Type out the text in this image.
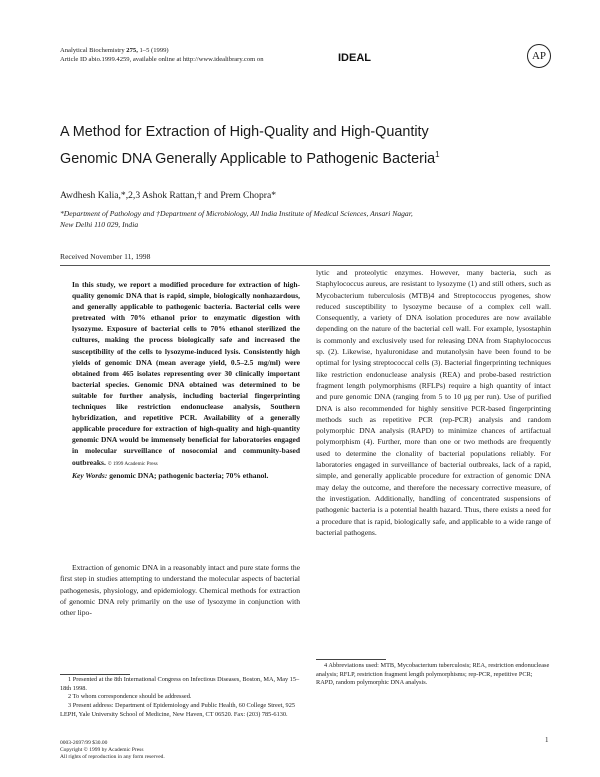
Analytical Biochemistry 275, 1–5 (1999)
Article ID abio.1999.4259, available online at http://www.idealibrary.com on	IDEAL	AP
A Method for Extraction of High-Quality and High-Quantity Genomic DNA Generally Applicable to Pathogenic Bacteria$^1$
Awdhesh Kalia,*,2,3 Ashok Rattan,† and Prem Chopra*
*Department of Pathology and †Department of Microbiology, All India Institute of Medical Sciences, Ansari Nagar,
New Delhi 110 029, India
Received November 11, 1998
In this study, we report a modified procedure for extraction of high-quality genomic DNA that is rapid, simple, biologically nonhazardous, and generally applicable to pathogenic bacteria. Bacterial cells were pretreated with 70% ethanol prior to enzymatic digestion with lysozyme. Exposure of bacterial cells to 70% ethanol sterilized the cultures, making the process biologically safe and increased the susceptibility of the cells to lysozyme-induced lysis. Consistently high yields of genomic DNA (mean average yield, 0.5–2.5 mg/ml) were obtained from 465 isolates representing over 30 clinically important bacterial species. Genomic DNA obtained was determined to be suitable for further analysis, including bacterial fingerprinting techniques like restriction endonuclease analysis, Southern hybridization, and repetitive PCR. Availability of a generally applicable procedure for extraction of high-quality and high-quantity genomic DNA would be immensely beneficial for laboratories engaged in molecular surveillance of nosocomial and community-based outbreaks. © 1999 Academic Press
Key Words: genomic DNA; pathogenic bacteria; 70% ethanol.
Extraction of genomic DNA in a reasonably intact and pure state forms the first step in studies attempting to understand the molecular aspects of bacterial pathogenesis, physiology, and epidemiology. Chemical methods for extraction of genomic DNA rely primarily on the use of lysozyme in conjunction with other lipo-
lytic and proteolytic enzymes. However, many bacteria, such as Staphylococcus aureus, are resistant to lysozyme (1) and still others, such as Mycobacterium tuberculosis (MTB)4 and Streptococcus pyogenes, show reduced susceptibility to lysozyme because of a complex cell wall. Consequently, a variety of DNA isolation procedures are now available depending on the nature of the bacterial cell wall. For example, lysostaphin is commonly and exclusively used for releasing DNA from Staphylococcus sp. (2). Likewise, hyaluronidase and mutanolysin have been found to be optimal for lysing streptococcal cells (3). Bacterial fingerprinting techniques like restriction endonuclease analysis (REA) and probe-based restriction fragment length polymorphisms (RFLPs) require a high quantity of intact and pure genomic DNA (ranging from 5 to 10 μg per run). Use of purified DNA is also recommended for highly sensitive PCR-based fingerprinting methods such as repetitive PCR (rep-PCR) analysis and random polymorphic DNA analysis (RAPD) to minimize chances of artifactual polymorphism (4). Further, more than one or two methods are frequently used to determine the clonality of bacterial populations reliably. For laboratories engaged in surveillance of bacterial outbreaks, lack of a rapid, simple, and generally applicable procedure for extraction of genomic DNA may delay the outcome, and therefore the necessary corrective measure, of the investigation. Additionally, handling of concentrated suspensions of pathogenic bacteria is a potential health hazard. Thus, there exists a need for a procedure that is rapid, biologically safe, and applicable to a wide range of bacterial pathogens.
1 Presented at the 8th International Congress on Infectious Diseases, Boston, MA, May 15–18th 1998.
2 To whom correspondence should be addressed.
3 Present address: Department of Epidemiology and Public Health, 60 College Street, 925 LEPH, Yale University School of Medicine, New Haven, CT 06520. Fax: (203) 785-6130.
4 Abbreviations used: MTB, Mycobacterium tuberculosis; REA, restriction endonuclease analysis; RFLP, restriction fragment length polymorphisms; rep-PCR, repetitive PCR; RAPD, random polymorphic DNA analysis.
0003-2697/99 $30.00
Copyright © 1999 by Academic Press
All rights of reproduction in any form reserved.
1
